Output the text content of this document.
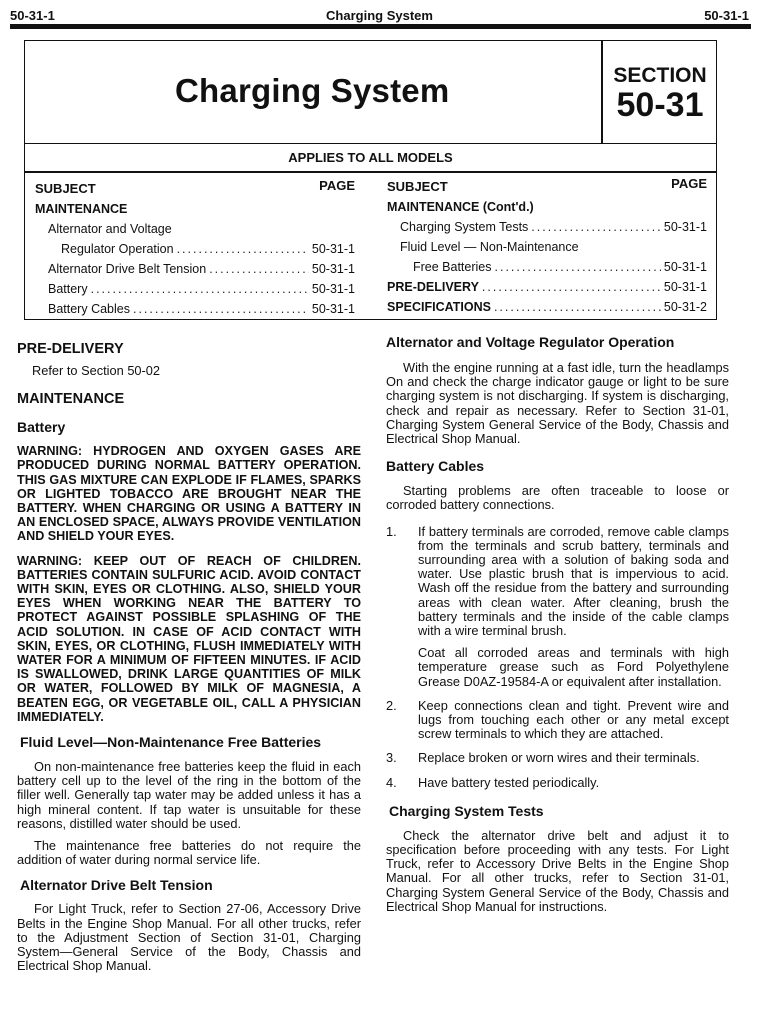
50-31-1	Charging System	50-31-1
Charging System	SECTION
50-31
APPLIES TO ALL MODELS
SUBJECT	PAGE
MAINTENANCE
Alternator and Voltage
Regulator Operation .....	50-31-1
Alternator Drive Belt Tension .....	50-31-1
Battery .....	50-31-1
Battery Cables .....	50-31-1
SUBJECT	PAGE
MAINTENANCE (Cont'd.)
Charging System Tests .....	50-31-1
Fluid Level — Non-Maintenance
Free Batteries .....	50-31-1
PRE-DELIVERY .....	50-31-1
SPECIFICATIONS .....	50-31-2
PRE-DELIVERY
Refer to Section 50-02
MAINTENANCE
Battery
WARNING: HYDROGEN AND OXYGEN GASES ARE PRODUCED DURING NORMAL BATTERY OPERATION. THIS GAS MIXTURE CAN EXPLODE IF FLAMES, SPARKS OR LIGHTED TOBACCO ARE BROUGHT NEAR THE BATTERY. WHEN CHARGING OR USING A BATTERY IN AN ENCLOSED SPACE, ALWAYS PROVIDE VENTILATION AND SHIELD YOUR EYES.
WARNING: KEEP OUT OF REACH OF CHILDREN. BATTERIES CONTAIN SULFURIC ACID. AVOID CONTACT WITH SKIN, EYES OR CLOTHING. ALSO, SHIELD YOUR EYES WHEN WORKING NEAR THE BATTERY TO PROTECT AGAINST POSSIBLE SPLASHING OF THE ACID SOLUTION. IN CASE OF ACID CONTACT WITH SKIN, EYES, OR CLOTHING, FLUSH IMMEDIATELY WITH WATER FOR A MINIMUM OF FIFTEEN MINUTES. IF ACID IS SWALLOWED, DRINK LARGE QUANTITIES OF MILK OR WATER, FOLLOWED BY MILK OF MAGNESIA, A BEATEN EGG, OR VEGETABLE OIL, CALL A PHYSICIAN IMMEDIATELY.
Fluid Level—Non-Maintenance Free Batteries
On non-maintenance free batteries keep the fluid in each battery cell up to the level of the ring in the bottom of the filler well. Generally tap water may be added unless it has a high mineral content. If tap water is unsuitable for these reasons, distilled water should be used.
The maintenance free batteries do not require the addition of water during normal service life.
Alternator Drive Belt Tension
For Light Truck, refer to Section 27-06, Accessory Drive Belts in the Engine Shop Manual. For all other trucks, refer to the Adjustment Section of Section 31-01, Charging System—General Service of the Body, Chassis and Electrical Shop Manual.
Alternator and Voltage Regulator Operation
With the engine running at a fast idle, turn the headlamps On and check the charge indicator gauge or light to be sure charging system is not discharging. If system is discharging, check and repair as necessary. Refer to Section 31-01, Charging System General Service of the Body, Chassis and Electrical Shop Manual.
Battery Cables
Starting problems are often traceable to loose or corroded battery connections.
1. If battery terminals are corroded, remove cable clamps from the terminals and scrub battery, terminals and surrounding area with a solution of baking soda and water. Use plastic brush that is impervious to acid. Wash off the residue from the battery and surrounding areas with clean water. After cleaning, brush the battery terminals and the inside of the cable clamps with a wire terminal brush.
Coat all corroded areas and terminals with high temperature grease such as Ford Polyethylene Grease D0AZ-19584-A or equivalent after installation.
2. Keep connections clean and tight. Prevent wire and lugs from touching each other or any metal except screw terminals to which they are attached.
3. Replace broken or worn wires and their terminals.
4. Have battery tested periodically.
Charging System Tests
Check the alternator drive belt and adjust it to specification before proceeding with any tests. For Light Truck, refer to Accessory Drive Belts in the Engine Shop Manual. For all other trucks, refer to Section 31-01, Charging System General Service of the Body, Chassis and Electrical Shop Manual for instructions.
